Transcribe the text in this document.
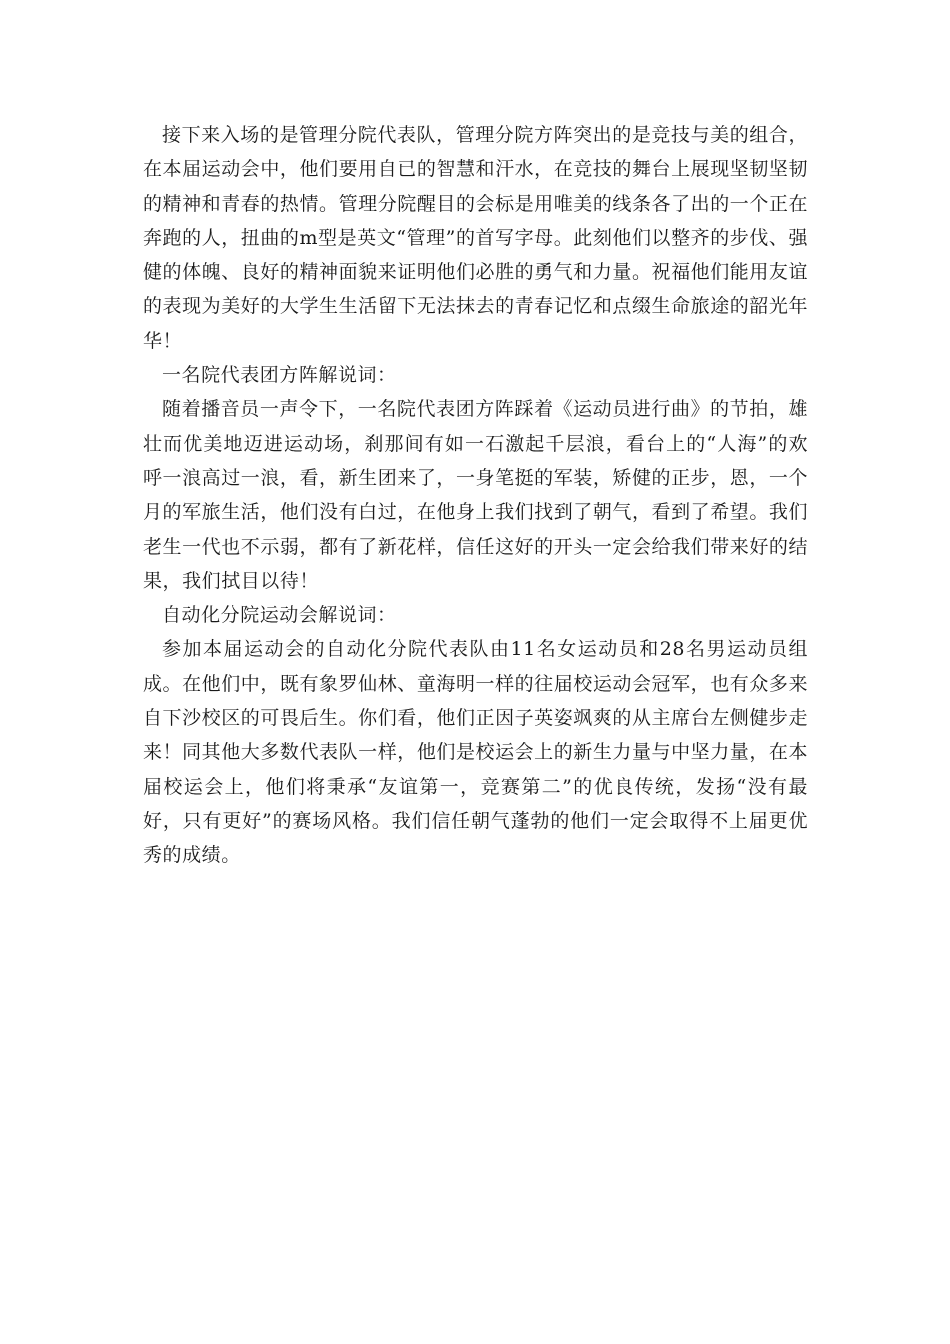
接下来入场的是管理分院代表队，管理分院方阵突出的是竞技与美的组合，在本届运动会中，他们要用自已的智慧和汗水，在竞技的舞台上展现坚韧坚韧的精神和青春的热情。管理分院醒目的会标是用唯美的线条各了出的一个正在奔跑的人，扭曲的m型是英文“管理”的首写字母。此刻他们以整齐的步伐、强健的体魄、良好的精神面貌来证明他们必胜的勇气和力量。祝福他们能用友谊的表现为美好的大学生生活留下无法抹去的青春记忆和点缀生命旅途的韶光年华！

一名院代表团方阵解说词：

随着播音员一声令下，一名院代表团方阵踩着《运动员进行曲》的节拍，雄壮而优美地迈进运动场，刹那间有如一石激起千层浪，看台上的“人海”的欢呼一浪高过一浪，看，新生团来了，一身笔挺的军装，矫健的正步，恩，一个月的军旅生活，他们没有白过，在他身上我们找到了朝气，看到了希望。我们老生一代也不示弱，都有了新花样，信任这好的开头一定会给我们带来好的结果，我们拭目以待！

自动化分院运动会解说词：

参加本届运动会的自动化分院代表队由11名女运动员和28名男运动员组成。在他们中，既有象罗仙林、童海明一样的往届校运动会冠军，也有众多来自下沙校区的可畏后生。你们看，他们正因子英姿飒爽的从主席台左侧健步走来！同其他大多数代表队一样，他们是校运会上的新生力量与中坚力量，在本届校运会上，他们将秉承“友谊第一，竞赛第二”的优良传统，发扬“没有最好，只有更好”的赛场风格。我们信任朝气蓬勃的他们一定会取得不上届更优秀的成绩。
